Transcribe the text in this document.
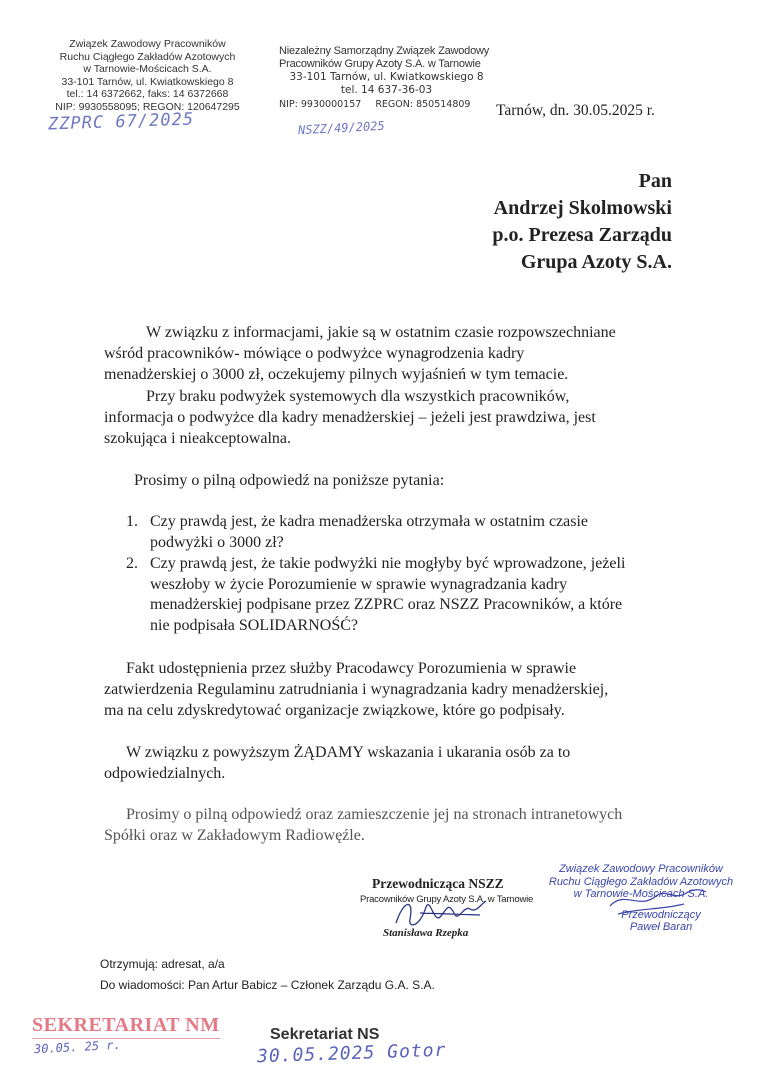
Związek Zawodowy Pracowników
Ruchu Ciągłego Zakładów Azotowych
w Tarnowie-Mościcach S.A.
33-101 Tarnów, ul. Kwiatkowskiego 8
tel.: 14 6372662, faks: 14 6372668
NIP: 9930558095; REGON: 120647295
ZZPRC 67/2025
Niezależny Samorządny Związek Zawodowy
Pracowników Grupy Azoty S.A. w Tarnowie
33-101 Tarnów, ul. Kwiatkowskiego 8
tel. 14 637-36-03
NIP: 9930000157 REGON: 850514809
NSZZ/49/2025
Tarnów, dn. 30.05.2025 r.
Pan
Andrzej Skolmowski
p.o. Prezesa Zarządu
Grupa Azoty S.A.
W związku z informacjami, jakie są w ostatnim czasie rozpowszechniane
wśród pracowników- mówiące o podwyżce wynagrodzenia kadry
menadżerskiej o 3000 zł, oczekujemy pilnych wyjaśnień w tym temacie.
Przy braku podwyżek systemowych dla wszystkich pracowników,
informacja o podwyżce dla kadry menadżerskiej – jeżeli jest prawdziwa, jest
szokująca i nieakceptowalna.
Prosimy o pilną odpowiedź na poniższe pytania:
1. Czy prawdą jest, że kadra menadżerska otrzymała w ostatnim czasie
podwyżki o 3000 zł?
2. Czy prawdą jest, że takie podwyżki nie mogłyby być wprowadzone, jeżeli
weszłoby w życie Porozumienie w sprawie wynagradzania kadry
menadżerskiej podpisane przez ZZPRC oraz NSZZ Pracowników, a które
nie podpisała SOLIDARNOŚĆ?
Fakt udostępnienia przez służby Pracodawcy Porozumienia w sprawie
zatwierdzenia Regulaminu zatrudniania i wynagradzania kadry menadżerskiej,
ma na celu zdyskredytować organizacje związkowe, które go podpisały.
W związku z powyższym ŻĄDAMY wskazania i ukarania osób za to
odpowiedzialnych.
Prosimy o pilną odpowiedź oraz zamieszczenie jej na stronach intranetowych
Spółki oraz w Zakładowym Radiowęźle.
Przewodnicząca NSZZ
Pracowników Grupy Azoty S.A. w Tarnowie
Stanisława Rzepka
Związek Zawodowy Pracowników
Ruchu Ciągłego Zakładów Azotowych
w Tarnowie-Mościcach S.A.
Przewodniczący
Paweł Baran
Otrzymują: adresat, a/a
Do wiadomości: Pan Artur Babicz – Członek Zarządu G.A. S.A.
SEKRETARIAT NM
30.05. 25 r.
Sekretariat NS
30.05.2025 Gotor
